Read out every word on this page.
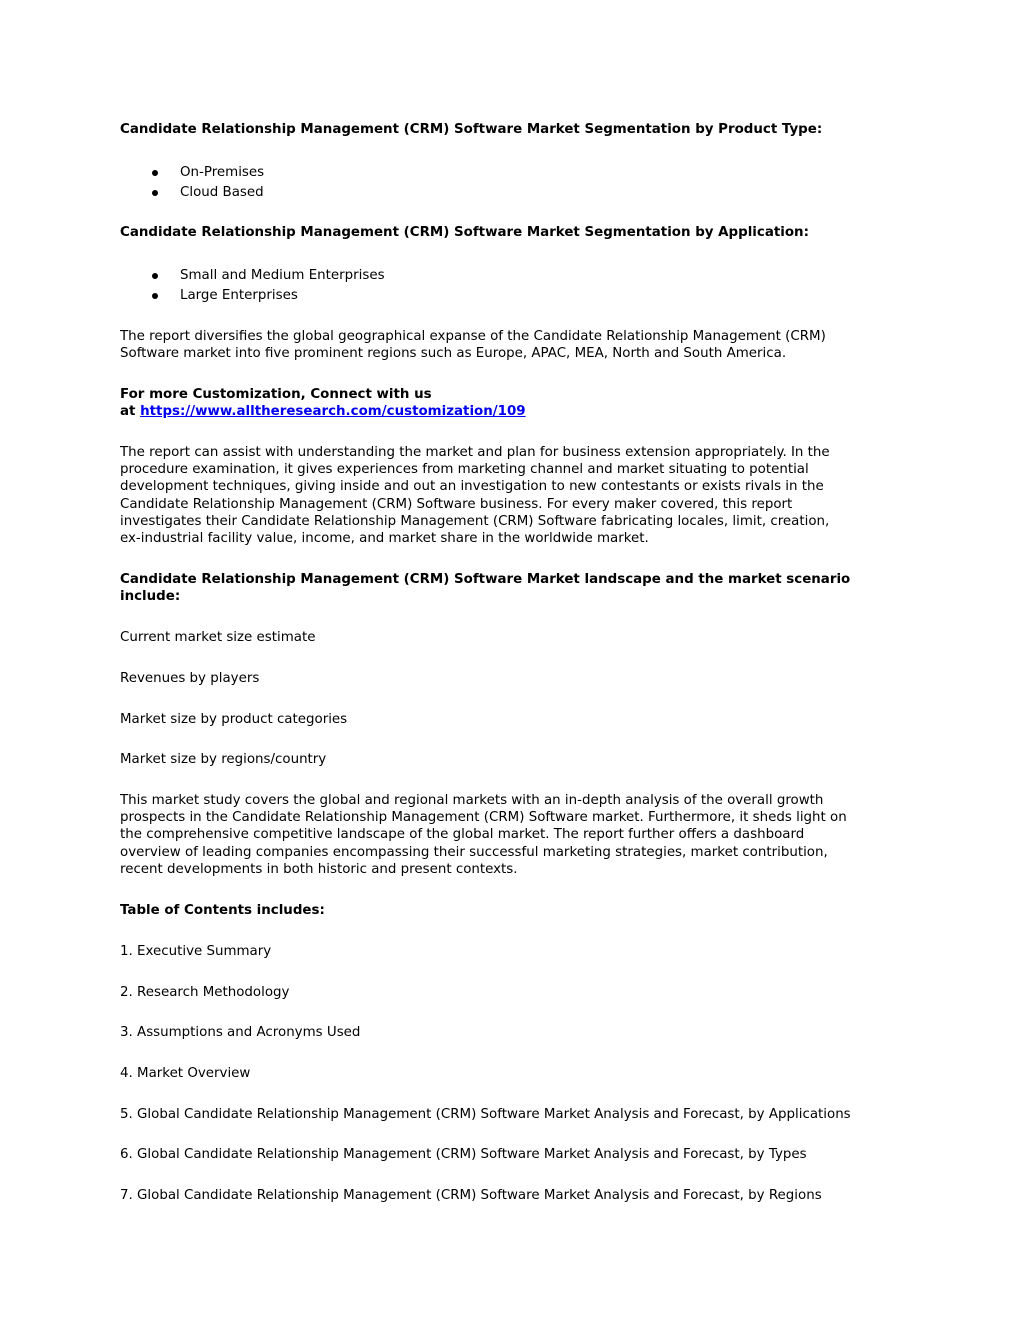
Candidate Relationship Management (CRM) Software Market Segmentation by Product Type:
On-Premises
Cloud Based
Candidate Relationship Management (CRM) Software Market Segmentation by Application:
Small and Medium Enterprises
Large Enterprises
The report diversifies the global geographical expanse of the Candidate Relationship Management (CRM)
Software market into five prominent regions such as Europe, APAC, MEA, North and South America.
For more Customization, Connect with us
at https://www.alltheresearch.com/customization/109
The report can assist with understanding the market and plan for business extension appropriately. In the
procedure examination, it gives experiences from marketing channel and market situating to potential
development techniques, giving inside and out an investigation to new contestants or exists rivals in the
Candidate Relationship Management (CRM) Software business. For every maker covered, this report
investigates their Candidate Relationship Management (CRM) Software fabricating locales, limit, creation,
ex-industrial facility value, income, and market share in the worldwide market.
Candidate Relationship Management (CRM) Software Market landscape and the market scenario
include:
Current market size estimate
Revenues by players
Market size by product categories
Market size by regions/country
This market study covers the global and regional markets with an in-depth analysis of the overall growth
prospects in the Candidate Relationship Management (CRM) Software market. Furthermore, it sheds light on
the comprehensive competitive landscape of the global market. The report further offers a dashboard
overview of leading companies encompassing their successful marketing strategies, market contribution,
recent developments in both historic and present contexts.
Table of Contents includes:
1. Executive Summary
2. Research Methodology
3. Assumptions and Acronyms Used
4. Market Overview
5. Global Candidate Relationship Management (CRM) Software Market Analysis and Forecast, by Applications
6. Global Candidate Relationship Management (CRM) Software Market Analysis and Forecast, by Types
7. Global Candidate Relationship Management (CRM) Software Market Analysis and Forecast, by Regions
